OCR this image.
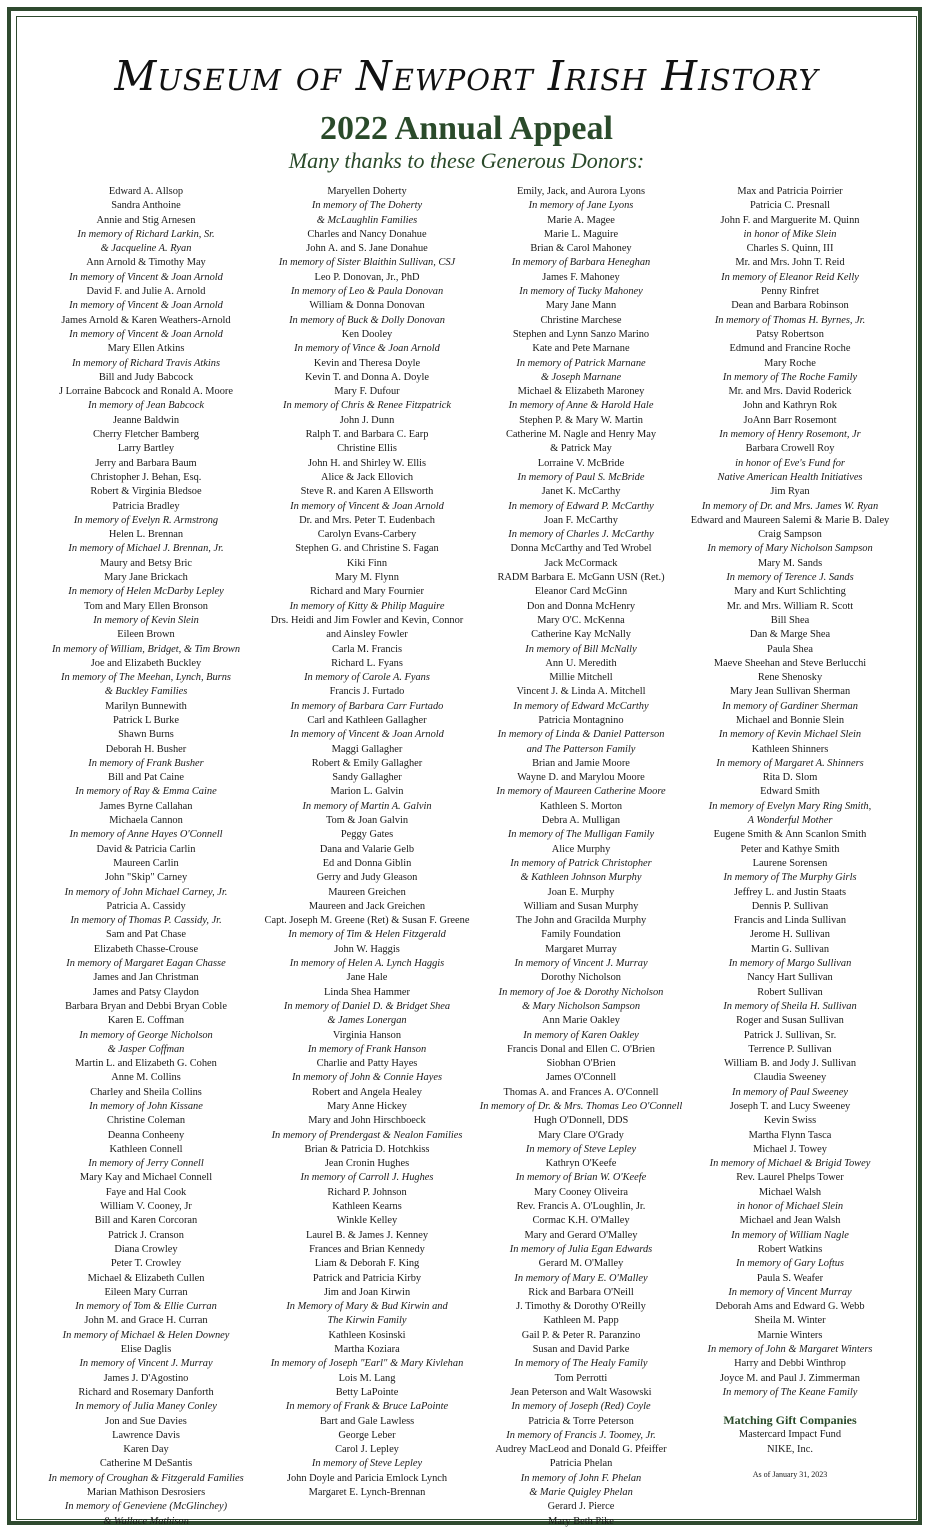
Museum of Newport Irish History
2022 Annual Appeal
Many thanks to these Generous Donors:
Edward A. Allsop
Sandra Anthoine
Annie and Stig Arnesen
In memory of Richard Larkin, Sr.
& Jacqueline A. Ryan
Ann Arnold & Timothy May
In memory of Vincent & Joan Arnold
David F. and Julie A. Arnold
In memory of Vincent & Joan Arnold
James Arnold & Karen Weathers-Arnold
In memory of Vincent & Joan Arnold
Mary Ellen Atkins
In memory of Richard Travis Atkins
Bill and Judy Babcock
J Lorraine Babcock and Ronald A. Moore
In memory of Jean Babcock
Jeanne Baldwin
Cherry Fletcher Bamberg
Larry Bartley
Jerry and Barbara Baum
Christopher J. Behan, Esq.
Robert & Virginia Bledsoe
Patricia Bradley
In memory of Evelyn R. Armstrong
Helen L. Brennan
In memory of Michael J. Brennan, Jr.
Maury and Betsy Bric
Mary Jane Brickach
In memory of Helen McDarby Lepley
Tom and Mary Ellen Bronson
In memory of Kevin Slein
Eileen Brown
In memory of William, Bridget, & Tim Brown
Joe and Elizabeth Buckley
In memory of The Meehan, Lynch, Burns
& Buckley Families
Marilyn Bunnewith
Patrick L Burke
Shawn Burns
Deborah H. Busher
In memory of Frank Busher
Bill and Pat Caine
In memory of Ray & Emma Caine
James Byrne Callahan
Michaela Cannon
In memory of Anne Hayes O'Connell
David & Patricia Carlin
Maureen Carlin
John "Skip" Carney
In memory of John Michael Carney, Jr.
Patricia A. Cassidy
In memory of Thomas P. Cassidy, Jr.
Sam and Pat Chase
Elizabeth Chasse-Crouse
In memory of Margaret Eagan Chasse
James and Jan Christman
James and Patsy Claydon
Barbara Bryan and Debbi Bryan Coble
Karen E. Coffman
In memory of George Nicholson
& Jasper Coffman
Martin L. and Elizabeth G. Cohen
Anne M. Collins
Charley and Sheila Collins
In memory of John Kissane
Christine Coleman
Deanna Conheeny
Kathleen Connell
In memory of Jerry Connell
Mary Kay and Michael Connell
Faye and Hal Cook
William V. Cooney, Jr
Bill and Karen Corcoran
Patrick J. Cranson
Diana Crowley
Peter T. Crowley
Michael & Elizabeth Cullen
Eileen Mary Curran
In memory of Tom & Ellie Curran
John M. and Grace H. Curran
In memory of Michael & Helen Downey
Elise Daglis
In memory of Vincent J. Murray
James J. D'Agostino
Richard and Rosemary Danforth
In memory of Julia Maney Conley
Jon and Sue Davies
Lawrence Davis
Karen Day
Catherine M DeSantis
In memory of Croughan & Fitzgerald Families
Marian Mathison Desrosiers
In memory of Geneviene (McGlinchey)
& Wallace Mathison
Maryellen Doherty
In memory of The Doherty
& McLaughlin Families
Charles and Nancy Donahue
John A. and S. Jane Donahue
In memory of Sister Blaithin Sullivan, CSJ
Leo P. Donovan, Jr., PhD
In memory of Leo & Paula Donovan
William & Donna Donovan
In memory of Buck & Dolly Donovan
Ken Dooley
In memory of Vince & Joan Arnold
Kevin and Theresa Doyle
Kevin T. and Donna A. Doyle
Mary F. Dufour
In memory of Chris & Renee Fitzpatrick
John J. Dunn
Ralph T. and Barbara C. Earp
Christine Ellis
John H. and Shirley W. Ellis
Alice & Jack Ellovich
Steve R. and Karen A Ellsworth
In memory of Vincent & Joan Arnold
Dr. and Mrs. Peter T. Eudenbach
Carolyn Evans-Carbery
Stephen G. and Christine S. Fagan
Kiki Finn
Mary M. Flynn
Richard and Mary Fournier
In memory of Kitty & Philip Maguire
Drs. Heidi and Jim Fowler and Kevin, Connor
and Ainsley Fowler
Carla M. Francis
Richard L. Fyans
In memory of Carole A. Fyans
Francis J. Furtado
In memory of Barbara Carr Furtado
Carl and Kathleen Gallagher
In memory of Vincent & Joan Arnold
Maggi Gallagher
Robert & Emily Gallagher
Sandy Gallagher
Marion L. Galvin
In memory of Martin A. Galvin
Tom & Joan Galvin
Peggy Gates
Dana and Valarie Gelb
Ed and Donna Giblin
Gerry and Judy Gleason
Maureen Greichen
Maureen and Jack Greichen
Capt. Joseph M. Greene (Ret) & Susan F. Greene
In memory of Tim & Helen Fitzgerald
John W. Haggis
In memory of Helen A. Lynch Haggis
Jane Hale
Linda Shea Hammer
In memory of Daniel D. & Bridget Shea
& James Lonergan
Virginia Hanson
In memory of Frank Hanson
Charlie and Patty Hayes
In memory of John & Connie Hayes
Robert and Angela Healey
Mary Anne Hickey
Mary and John Hirschboeck
In memory of Prendergast & Nealon Families
Brian & Patricia D. Hotchkiss
Jean Cronin Hughes
In memory of Carroll J. Hughes
Richard P. Johnson
Kathleen Kearns
Winkle Kelley
Laurel B. & James J. Kenney
Frances and Brian Kennedy
Liam & Deborah F. King
Patrick and Patricia Kirby
Jim and Joan Kirwin
In Memory of Mary & Bud Kirwin and
The Kirwin Family
Kathleen Kosinski
Martha Koziara
In memory of Joseph "Earl" & Mary Kivlehan
Lois M. Lang
Betty LaPointe
In memory of Frank & Bruce LaPointe
Bart and Gale Lawless
George Leber
Carol J. Lepley
In memory of Steve Lepley
John Doyle and Paricia Emlock Lynch
Margaret E. Lynch-Brennan
Emily, Jack, and Aurora Lyons
In memory of Jane Lyons
Marie A. Magee
Marie L. Maguire
Brian & Carol Mahoney
In memory of Barbara Heneghan
James F. Mahoney
In memory of Tucky Mahoney
Mary Jane Mann
Christine Marchese
Stephen and Lynn Sanzo Marino
Kate and Pete Marnane
In memory of Patrick Marnane
& Joseph Marnane
Michael & Elizabeth Maroney
In memory of Anne & Harold Hale
Stephen P. & Mary W. Martin
Catherine M. Nagle and Henry May
& Patrick May
Lorraine V. McBride
In memory of Paul S. McBride
Janet K. McCarthy
In memory of Edward P. McCarthy
Joan F. McCarthy
In memory of Charles J. McCarthy
Donna McCarthy and Ted Wrobel
Jack McCormack
RADM Barbara E. McGann USN (Ret.)
Eleanor Card McGinn
Don and Donna McHenry
Mary O'C. McKenna
Catherine Kay McNally
In memory of Bill McNally
Ann U. Meredith
Millie Mitchell
Vincent J. & Linda A. Mitchell
In memory of Edward McCarthy
Patricia Montagnino
In memory of Linda & Daniel Patterson
and The Patterson Family
Brian and Jamie Moore
Wayne D. and Marylou Moore
In memory of Maureen Catherine Moore
Kathleen S. Morton
Debra A. Mulligan
In memory of The Mulligan Family
Alice Murphy
In memory of Patrick Christopher
& Kathleen Johnson Murphy
Joan E. Murphy
William and Susan Murphy
The John and Gracilda Murphy
Family Foundation
Margaret Murray
In memory of Vincent J. Murray
Dorothy Nicholson
In memory of Joe & Dorothy Nicholson
& Mary Nicholson Sampson
Ann Marie Oakley
In memory of Karen Oakley
Francis Donal and Ellen C. O'Brien
Siobhan O'Brien
James O'Connell
Thomas A. and Frances A. O'Connell
In memory of Dr. & Mrs. Thomas Leo O'Connell
Hugh O'Donnell, DDS
Mary Clare O'Grady
In memory of Steve Lepley
Kathryn O'Keefe
In memory of Brian W. O'Keefe
Mary Cooney Oliveira
Rev. Francis A. O'Loughlin, Jr.
Cormac K.H. O'Malley
Mary and Gerard O'Malley
In memory of Julia Egan Edwards
Gerard M. O'Malley
In memory of Mary E. O'Malley
Rick and Barbara O'Neill
J. Timothy & Dorothy O'Reilly
Kathleen M. Papp
Gail P. & Peter R. Paranzino
Susan and David Parke
In memory of The Healy Family
Tom Perrotti
Jean Peterson and Walt Wasowski
In memory of Joseph (Red) Coyle
Patricia & Torre Peterson
In memory of Francis J. Toomey, Jr.
Audrey MacLeod and Donald G. Pfeiffer
Patricia Phelan
In memory of John F. Phelan
& Marie Quigley Phelan
Gerard J. Pierce
Mary Beth Pike
Max and Patricia Poirrier
Patricia C. Presnall
John F. and Marguerite M. Quinn
in honor of Mike Slein
Charles S. Quinn, III
Mr. and Mrs. John T. Reid
In memory of Eleanor Reid Kelly
Penny Rinfret
Dean and Barbara Robinson
In memory of Thomas H. Byrnes, Jr.
Patsy Robertson
Edmund and Francine Roche
Mary Roche
In memory of The Roche Family
Mr. and Mrs. David Roderick
John and Kathryn Rok
JoAnn Barr Rosemont
In memory of Henry Rosemont, Jr
Barbara Crowell Roy
in honor of Eve's Fund for
Native American Health Initiatives
Jim Ryan
In memory of Dr. and Mrs. James W. Ryan
Edward and Maureen Salemi & Marie B. Daley
Craig Sampson
In memory of Mary Nicholson Sampson
Mary M. Sands
In memory of Terence J. Sands
Mary and Kurt Schlichting
Mr. and Mrs. William R. Scott
Bill Shea
Dan & Marge Shea
Paula Shea
Maeve Sheehan and Steve Berlucchi
Rene Shenosky
Mary Jean Sullivan Sherman
In memory of Gardiner Sherman
Michael and Bonnie Slein
In memory of Kevin Michael Slein
Kathleen Shinners
In memory of Margaret A. Shinners
Rita D. Slom
Edward Smith
In memory of Evelyn Mary Ring Smith,
A Wonderful Mother
Eugene Smith & Ann Scanlon Smith
Peter and Kathye Smith
Laurene Sorensen
In memory of The Murphy Girls
Jeffrey L. and Justin Staats
Dennis P. Sullivan
Francis and Linda Sullivan
Jerome H. Sullivan
Martin G. Sullivan
In memory of Margo Sullivan
Nancy Hart Sullivan
Robert Sullivan
In memory of Sheila H. Sullivan
Roger and Susan Sullivan
Patrick J. Sullivan, Sr.
Terrence P. Sullivan
William B. and Jody J. Sullivan
Claudia Sweeney
In memory of Paul Sweeney
Joseph T. and Lucy Sweeney
Kevin Swiss
Martha Flynn Tasca
Michael J. Towey
In memory of Michael & Brigid Towey
Rev. Laurel Phelps Tower
Michael Walsh
in honor of Michael Slein
Michael and Jean Walsh
In memory of William Nagle
Robert Watkins
In memory of Gary Loftus
Paula S. Weafer
In memory of Vincent Murray
Deborah Ams and Edward G. Webb
Sheila M. Winter
Marnie Winters
In memory of John & Margaret Winters
Harry and Debbi Winthrop
Joyce M. and Paul J. Zimmerman
In memory of The Keane Family
Matching Gift Companies
Mastercard Impact Fund
NIKE, Inc.
As of January 31, 2023
